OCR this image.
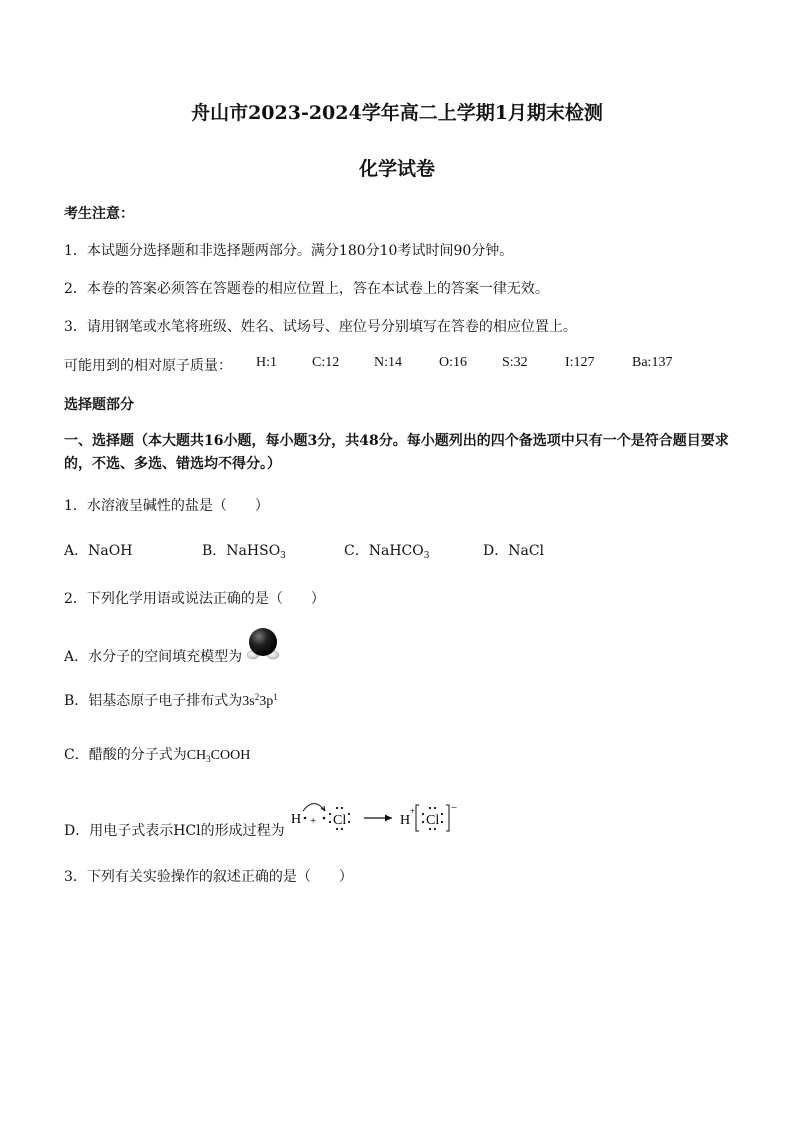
舟山市2023-2024学年高二上学期1月期末检测
化学试卷
考生注意：
1．本试题分选择题和非选择题两部分。满分180分10考试时间90分钟。
2．本卷的答案必须答在答题卷的相应位置上，答在本试卷上的答案一律无效。
3．请用钢笔或水笔将班级、姓名、试场号、座位号分别填写在答卷的相应位置上。
可能用到的相对原子质量： H:1	C:12 N:14	O:16	S:32	I:127	Ba:137
选择题部分
一、选择题（本大题共16小题，每小题3分，共48分。每小题列出的四个备选项中只有一个是符合题目要求的，不选、多选、错选均不得分。）
1．水溶液呈碱性的盐是（　　）
A．NaOH	B．NaHSO$_3$	C．NaHCO$_3$	D．NaCl
2．下列化学用语或说法正确的是（　　）
A．水分子的空间填充模型为
B．铝基态原子电子排布式为$3s^23p^1$
C．醋酸的分子式为$CH_3COOH$
D．用电子式表示HCl的形成过程为
H + Cl	H
+
Cl
−
3．下列有关实验操作的叙述正确的是（　　）
